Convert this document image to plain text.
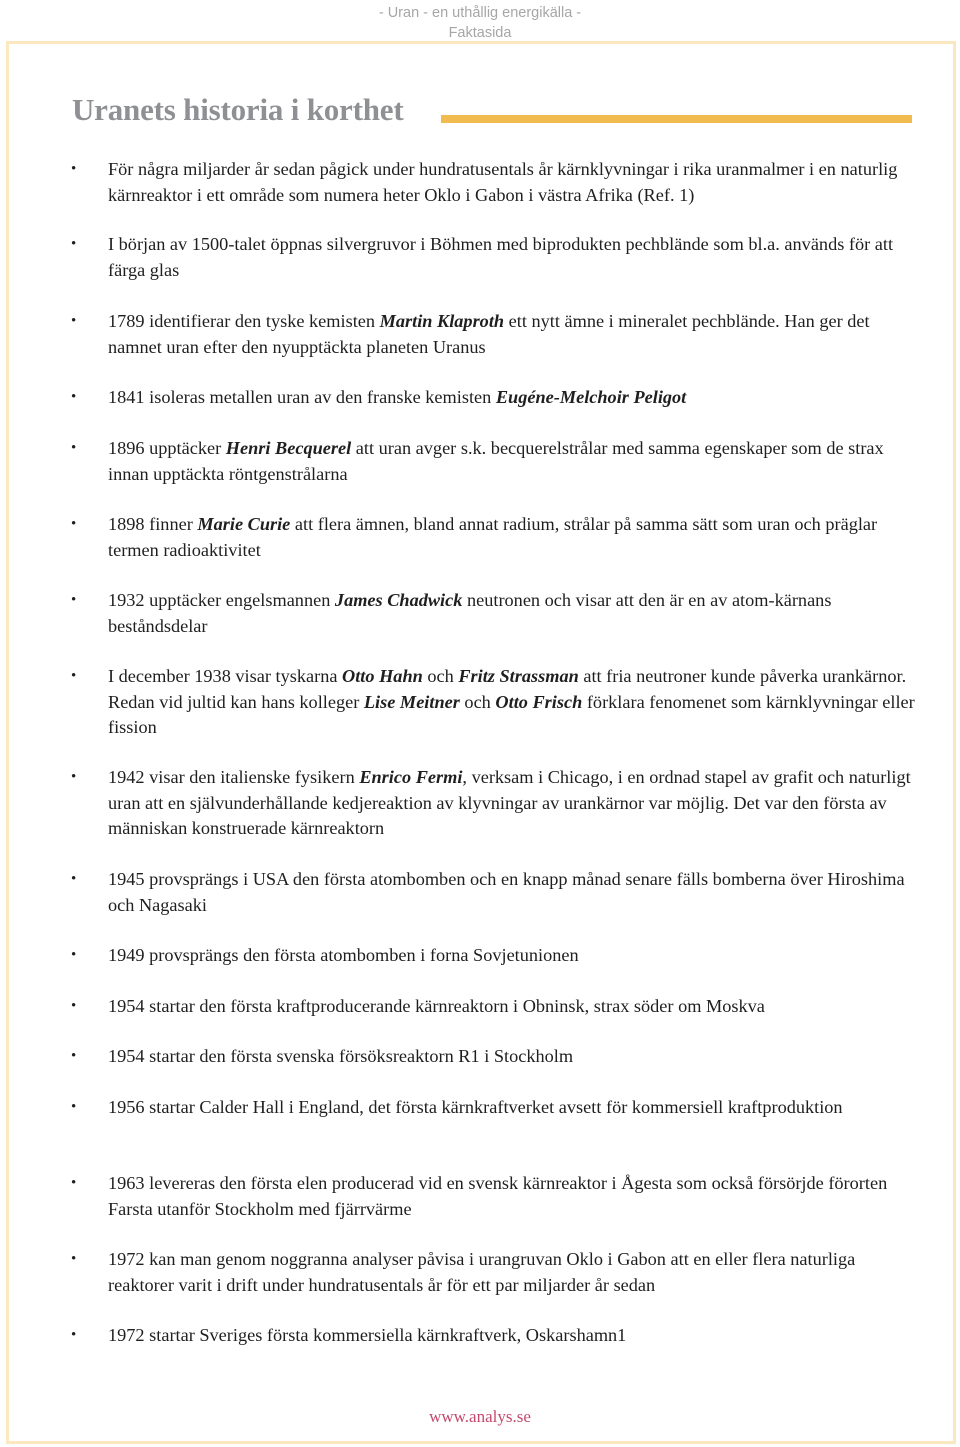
- Uran - en uthållig energikälla -
Faktasida
Uranets historia i korthet
•	För några miljarder år sedan pågick under hundratusentals år kärnklyvningar i rika uranmalmer i en naturlig kärnreaktor i ett område som numera heter Oklo i Gabon i västra Afrika (Ref. 1)
•	I början av 1500-talet öppnas silvergruvor i Böhmen med biprodukten pechblände som bl.a. används för att färga glas
•	1789 identifierar den tyske kemisten Martin Klaproth ett nytt ämne i mineralet pechblände. Han ger det namnet uran efter den nyupptäckta planeten Uranus
•	1841 isoleras metallen uran av den franske kemisten Eugéne-Melchoir Peligot
•	1896 upptäcker Henri Becquerel att uran avger s.k. becquerelstrålar med samma egenskaper som de strax innan upptäckta röntgenstrålarna
•	1898 finner Marie Curie att flera ämnen, bland annat radium, strålar på samma sätt som uran och präglar termen radioaktivitet
•	1932 upptäcker engelsmannen James Chadwick neutronen och visar att den är en av atom-kärnans beståndsdelar
•	I december 1938 visar tyskarna Otto Hahn och Fritz Strassman att fria neutroner kunde påverka urankärnor. Redan vid jultid kan hans kolleger Lise Meitner och Otto Frisch förklara fenomenet som kärnklyvningar eller fission
•	1942 visar den italienske fysikern Enrico Fermi, verksam i Chicago, i en ordnad stapel av grafit och naturligt uran att en självunderhållande kedjereaktion av klyvningar av urankärnor var möjlig. Det var den första av människan konstruerade kärnreaktorn
•	1945 provsprängs i USA den första atombomben och en knapp månad senare fälls bomberna över Hiroshima och Nagasaki
•	1949 provsprängs den första atombomben i forna Sovjetunionen
•	1954 startar den första kraftproducerande kärnreaktorn i Obninsk, strax söder om Moskva
•	1954 startar den första svenska försöksreaktorn R1 i Stockholm
•	1956 startar Calder Hall i England, det första kärnkraftverket avsett för kommersiell kraftproduktion
•	1963 levereras den första elen producerad vid en svensk kärnreaktor i Ågesta som också försörjde förorten Farsta utanför Stockholm med fjärrvärme
•	1972 kan man genom noggranna analyser påvisa i urangruvan Oklo i Gabon att en eller flera naturliga reaktorer varit i drift under hundratusentals år för ett par miljarder år sedan
•	1972 startar Sveriges första kommersiella kärnkraftverk, Oskarshamn1
www.analys.se
